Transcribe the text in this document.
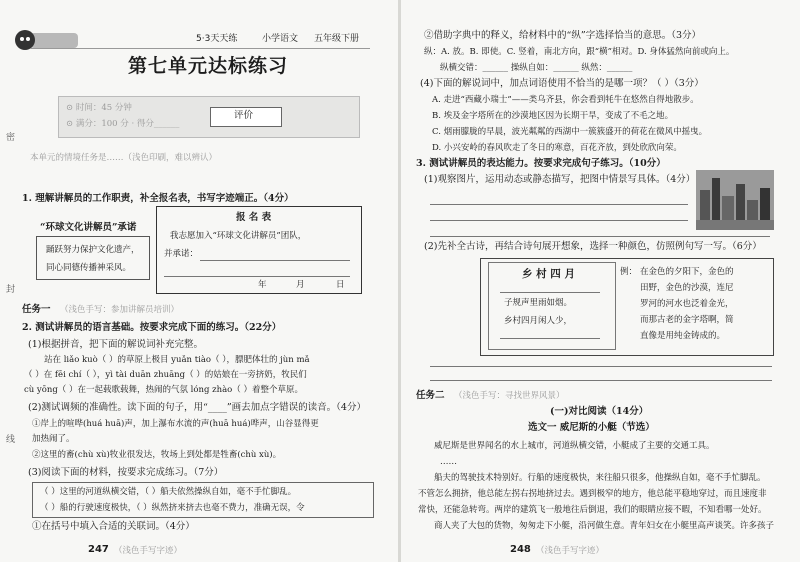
5·3天天练	小学语文 五年级下册
第七单元达标练习
⊙ 时间：45 分钟
⊙ 满分：100 分 · 得分______
评价
本单元的情境任务是……（浅色印刷，难以辨认）
密
1. 理解讲解员的工作职责，补全报名表，书写字迹端正。（4分）
“环球文化讲解员”承诺
踊跃努力保护文化遗产，
同心同德传播神采风。
报 名 表
我志愿加入“环球文化讲解员”团队，
并承诺：
年	月	日
封
任务一 （浅色手写：参加讲解员培训）
2. 测试讲解员的语言基础。按要求完成下面的练习。（22分）
(1)根据拼音，把下面的解说词补充完整。
站在 liǎo kuò（ ）的草原上极目 yuǎn tiào（ ），膘肥体壮的 jùn mǎ
（ ）在 fēi chí（ ），yì tài duān zhuāng（ ）的姑娘在一旁挤奶，牧民们
cù yōng（ ）在一起载歌载舞，热闹的气氛 lóng zhào（ ）着整个草原。
(2)测试调频的准确性。读下面的句子，用“____”画去加点字错误的读音。（4分）
①岸上的喧哗(huá huā)声，加上瀑布水流的声(huā huá)哗声，山谷显得更
加热闹了。
②这里的畜(chù xù)牧业很发达，牧场上到处都是牲畜(chù xù)。
线
(3)阅读下面的材料，按要求完成练习。（7分）
（ ）这里的河道纵横交错，（ ）船夫依然操纵自如，毫不手忙脚乱。
（ ）船的行驶速度极快，（ ）纵然挤来挤去也毫不费力，准确无误，令
①在括号中填入合适的关联词。（4分）
247 （浅色手写字迹）
②借助字典中的释义，给材料中的“纵”字选择恰当的意思。（3分）
纵：A. 放。B. 即使。C. 竖着，南北方向，跟“横”相对。D. 身体猛然向前或向上。
纵横交错：______ 操纵自如：______ 纵然：______
(4)下面的解说词中，加点词语使用不恰当的是哪一项？（ ）（3分）
A. 走进“西藏小瑞士”——类乌齐县，你会看到牦牛在悠然自得地散步。
B. 埃及金字塔所在的沙漠地区因为长期干旱，变成了不毛之地。
C. 烟雨朦胧的早晨，波光粼粼的西湖中一簇簇盛开的荷花在微风中摇曳。
D. 小兴安岭的春风吹走了冬日的寒意，百花齐放，到处欣欣向荣。
3. 测试讲解员的表达能力。按要求完成句子练习。（10分）
(1)观察图片，运用动态或静态描写，把图中情景写具体。（4分）
(2)先补全古诗，再结合诗句展开想象，选择一种颜色，仿照例句写一写。（6分）
乡 村 四 月
子规声里雨如烟。
乡村四月闲人少，
例： 在金色的夕阳下，金色的
田野，金色的沙漠，连尼
罗河的河水也泛着金光，
而那古老的金字塔啊，简
直像是用纯金铸成的。
任务二 （浅色手写：寻找世界风景）
(一)对比阅读（14分）
选文一 威尼斯的小艇（节选）
威尼斯是世界闻名的水上城市，河道纵横交错，小艇成了主要的交通工具。
……
船夫的驾驶技术特别好。行船的速度极快，来往船只很多，他操纵自如，毫不手忙脚乱。
不管怎么拥挤，他总能左拐右拐地挤过去。遇到极窄的地方，他总能平稳地穿过，而且速度非
常快，还能急转弯。两岸的建筑飞一般地往后倒退，我们的眼睛应接不暇，不知看哪一处好。
商人夹了大包的货物，匆匆走下小艇，沿河做生意。青年妇女在小艇里高声谈笑。许多孩子
248 （浅色手写字迹）
